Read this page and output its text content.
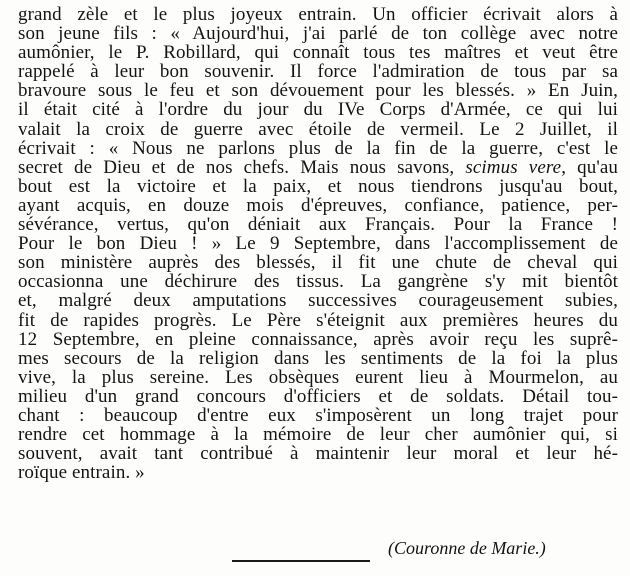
grand zèle et le plus joyeux entrain. Un officier écrivait alors à
son jeune fils : « Aujourd'hui, j'ai parlé de ton collège avec notre
aumônier, le P. Robillard, qui connaît tous tes maîtres et veut être
rappelé à leur bon souvenir. Il force l'admiration de tous par sa
bravoure sous le feu et son dévouement pour les blessés. » En Juin,
il était cité à l'ordre du jour du IVe Corps d'Armée, ce qui lui
valait la croix de guerre avec étoile de vermeil. Le 2 Juillet, il
écrivait : « Nous ne parlons plus de la fin de la guerre, c'est le
secret de Dieu et de nos chefs. Mais nous savons, scimus vere, qu'au
bout est la victoire et la paix, et nous tiendrons jusqu'au bout,
ayant acquis, en douze mois d'épreuves, confiance, patience, per-
sévérance, vertus, qu'on déniait aux Français. Pour la France !
Pour le bon Dieu ! » Le 9 Septembre, dans l'accomplissement de
son ministère auprès des blessés, il fit une chute de cheval qui
occasionna une déchirure des tissus. La gangrène s'y mit bientôt
et, malgré deux amputations successives courageusement subies,
fit de rapides progrès. Le Père s'éteignit aux premières heures du
12 Septembre, en pleine connaissance, après avoir reçu les suprê-
mes secours de la religion dans les sentiments de la foi la plus
vive, la plus sereine. Les obsèques eurent lieu à Mourmelon, au
milieu d'un grand concours d'officiers et de soldats. Détail tou-
chant : beaucoup d'entre eux s'imposèrent un long trajet pour
rendre cet hommage à la mémoire de leur cher aumônier qui, si
souvent, avait tant contribué à maintenir leur moral et leur hé-
roïque entrain. »
(Couronne de Marie.)
